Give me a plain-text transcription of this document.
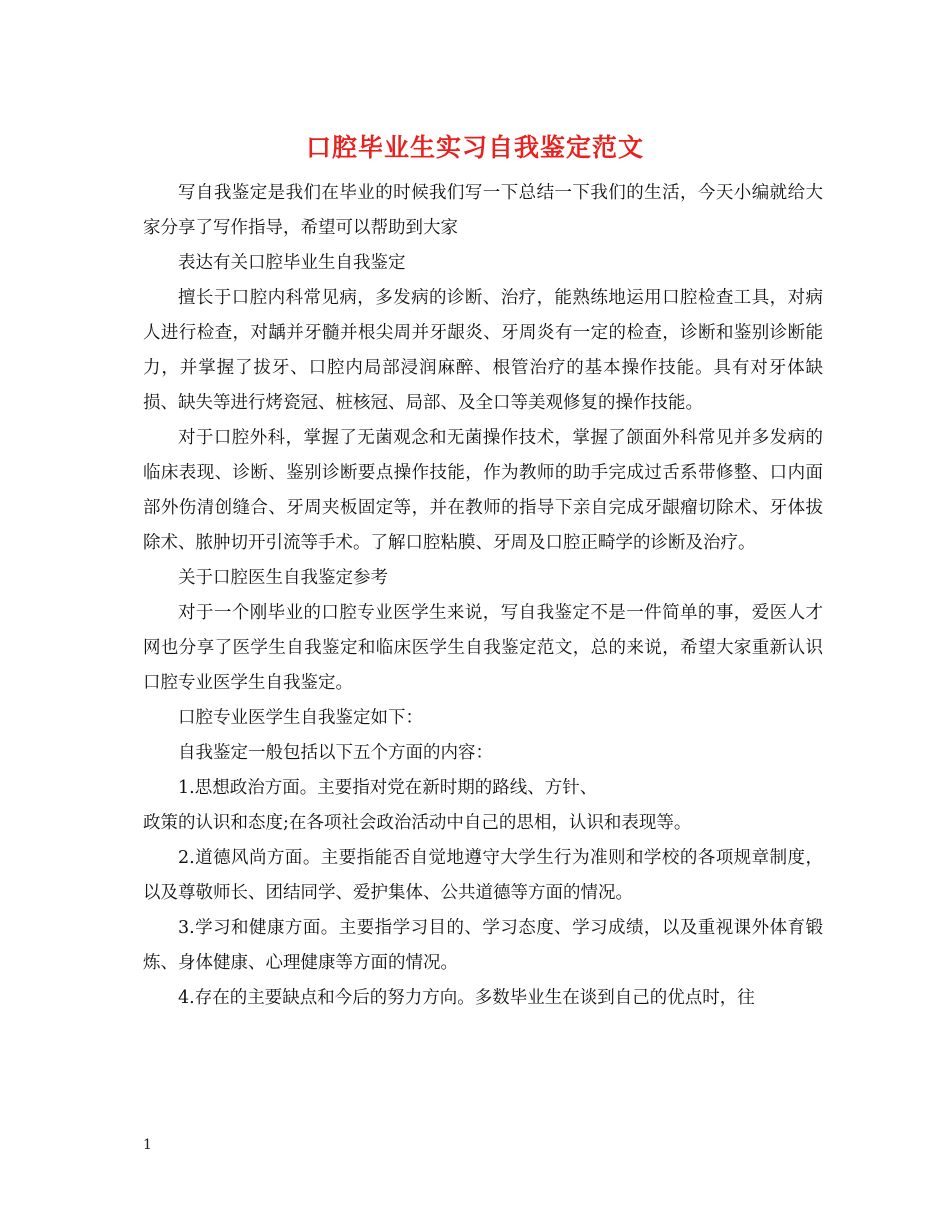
口腔毕业生实习自我鉴定范文

写自我鉴定是我们在毕业的时候我们写一下总结一下我们的生活，今天小编就给大家分享了写作指导，希望可以帮助到大家

表达有关口腔毕业生自我鉴定

擅长于口腔内科常见病，多发病的诊断、治疗，能熟练地运用口腔检查工具，对病人进行检查，对龋并牙髓并根尖周并牙龈炎、牙周炎有一定的检查，诊断和鉴别诊断能力，并掌握了拔牙、口腔内局部浸润麻醉、根管治疗的基本操作技能。具有对牙体缺损、缺失等进行烤瓷冠、桩核冠、局部、及全口等美观修复的操作技能。

对于口腔外科，掌握了无菌观念和无菌操作技术，掌握了颌面外科常见并多发病的临床表现、诊断、鉴别诊断要点操作技能，作为教师的助手完成过舌系带修整、口内面部外伤清创缝合、牙周夹板固定等，并在教师的指导下亲自完成牙龈瘤切除术、牙体拔除术、脓肿切开引流等手术。了解口腔粘膜、牙周及口腔正畸学的诊断及治疗。

关于口腔医生自我鉴定参考

对于一个刚毕业的口腔专业医学生来说，写自我鉴定不是一件简单的事，爱医人才网也分享了医学生自我鉴定和临床医学生自我鉴定范文，总的来说，希望大家重新认识口腔专业医学生自我鉴定。

口腔专业医学生自我鉴定如下：

自我鉴定一般包括以下五个方面的内容：

1.思想政治方面。主要指对党在新时期的路线、方针、

政策的认识和态度;在各项社会政治活动中自己的思相，认识和表现等。

2.道德风尚方面。主要指能否自觉地遵守大学生行为准则和学校的各项规章制度，以及尊敬师长、团结同学、爱护集体、公共道德等方面的情况。

3.学习和健康方面。主要指学习目的、学习态度、学习成绩，以及重视课外体育锻炼、身体健康、心理健康等方面的情况。

4.存在的主要缺点和今后的努力方向。多数毕业生在谈到自己的优点时，往

1
